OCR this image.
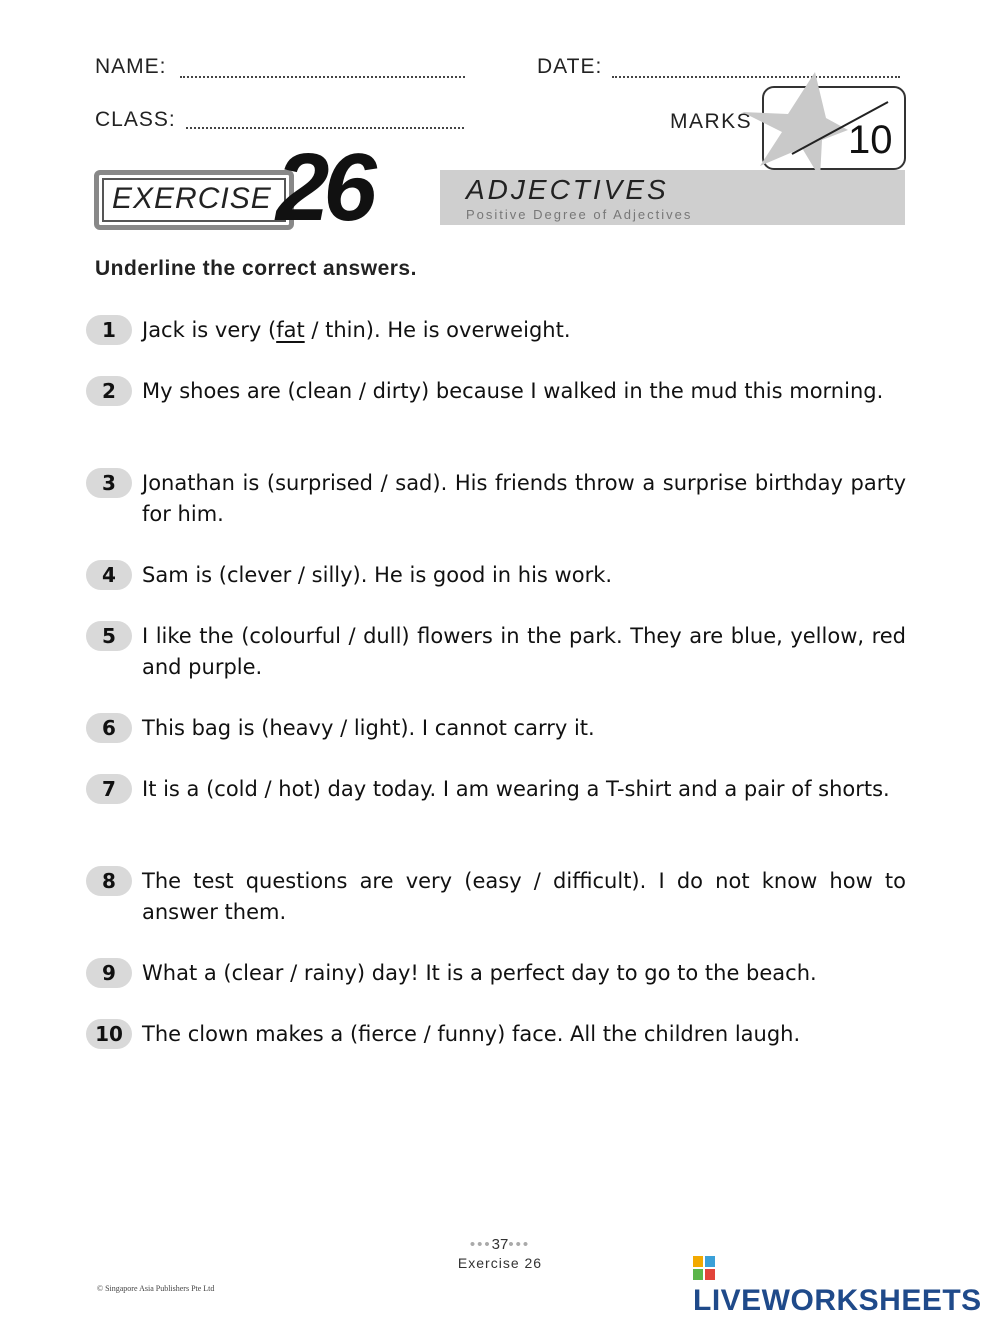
NAME:	DATE:
CLASS:	MARKS 10
EXERCISE 26	ADJECTIVES
Positive Degree of Adjectives
Underline the correct answers.
1	Jack is very (fat / thin). He is overweight.
2	My shoes are (clean / dirty) because I walked in the mud this morning.
3	Jonathan is (surprised / sad). His friends throw a surprise birthday party for him.
4	Sam is (clever / silly). He is good in his work.
5	I like the (colourful / dull) flowers in the park. They are blue, yellow, red and purple.
6	This bag is (heavy / light). I cannot carry it.
7	It is a (cold / hot) day today. I am wearing a T-shirt and a pair of shorts.
8	The test questions are very (easy / difficult). I do not know how to answer them.
9	What a (clear / rainy) day! It is a perfect day to go to the beach.
10 The clown makes a (fierce / funny) face. All the children laugh.
•••37•••
Exercise 26
© Singapore Asia Publishers Pte Ltd	LIVEWORKSHEETS
